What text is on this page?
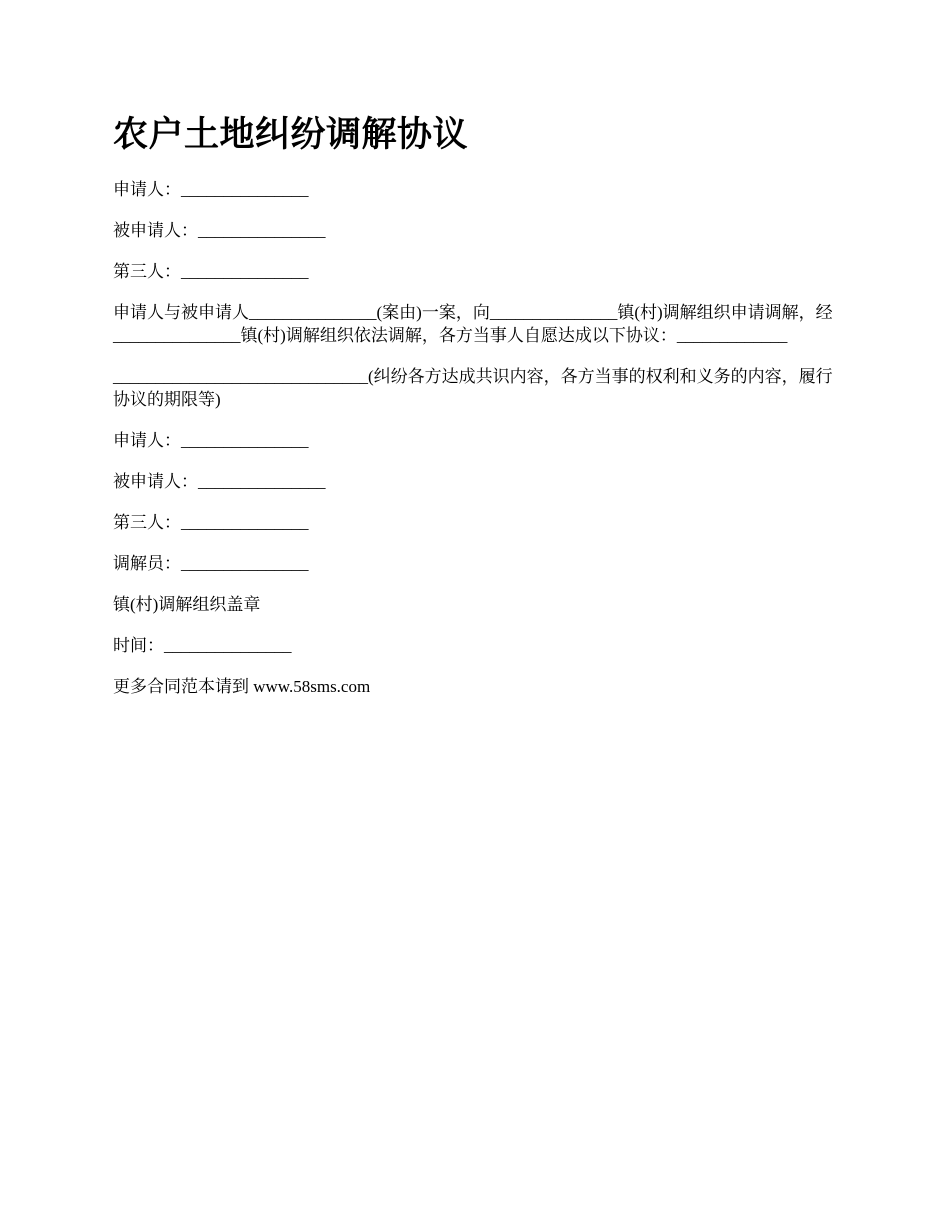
农户土地纠纷调解协议

申请人：_______________

被申请人：_______________

第三人：_______________

申请人与被申请人_______________(案由)一案，向_______________镇(村)调解组织申请调解，经_______________镇(村)调解组织依法调解，各方当事人自愿达成以下协议：_____________

______________________________(纠纷各方达成共识内容，各方当事的权利和义务的内容，履行协议的期限等)

申请人：_______________

被申请人：_______________

第三人：_______________

调解员：_______________

镇(村)调解组织盖章

时间：_______________

更多合同范本请到 www.58sms.com
